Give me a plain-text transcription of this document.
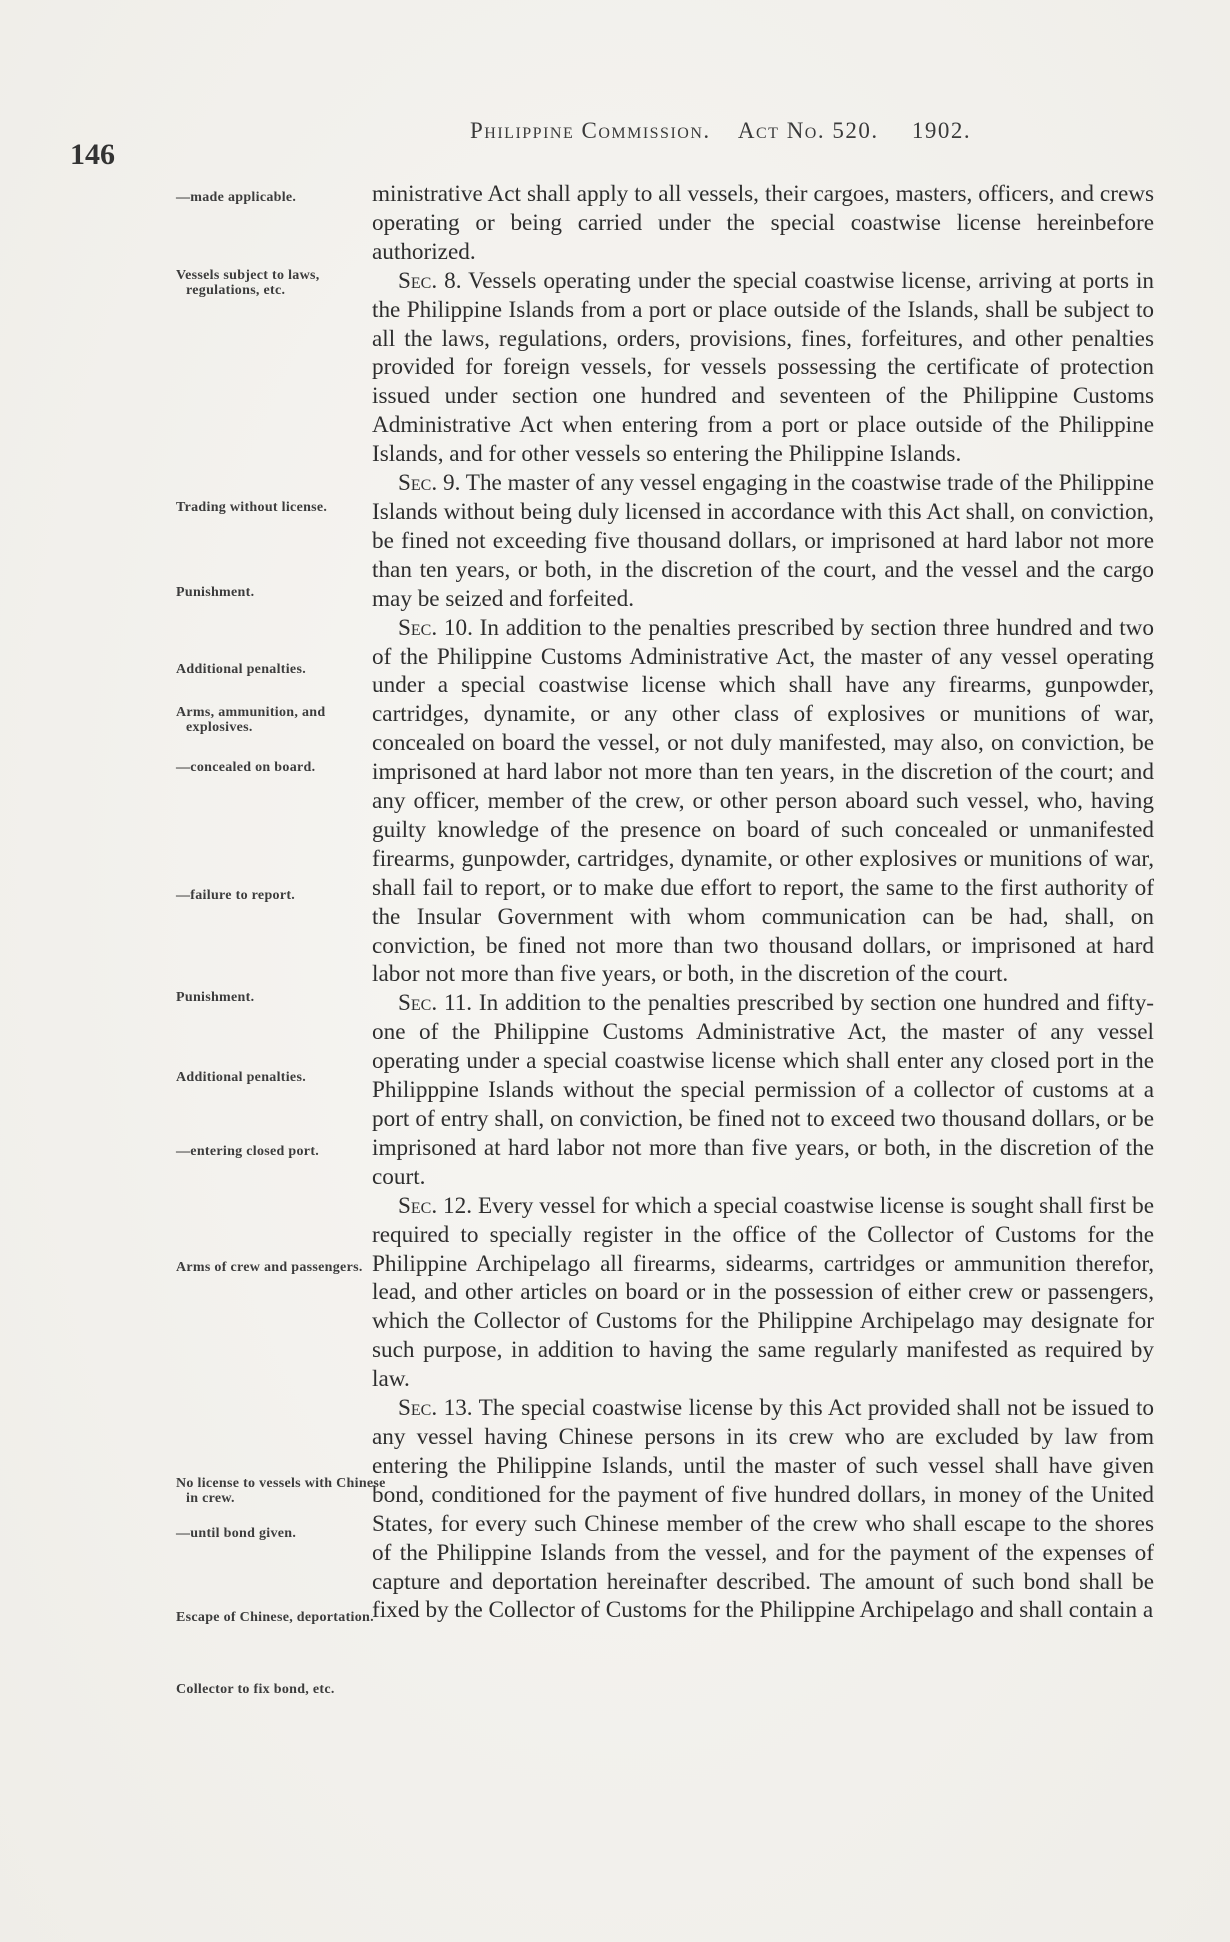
146
Philippine Commission. Act No. 520. 1902.
—made applicable.
Vessels subject to laws, regulations, etc.
Trading without license.
Punishment.
Additional penalties.
Arms, ammunition, and explosives.
—concealed on board.
—failure to report.
Punishment.
Additional penalties.
—entering closed port.
Arms of crew and passengers.
No license to vessels with Chinese in crew.
—until bond given.
Escape of Chinese, deportation.
Collector to fix bond, etc.

ministrative Act shall apply to all vessels, their cargoes, masters, officers, and crews operating or being carried under the special coastwise license hereinbefore authorized.

Sec. 8. Vessels operating under the special coastwise license, arriving at ports in the Philippine Islands from a port or place outside of the Islands, shall be subject to all the laws, regulations, orders, provisions, fines, forfeitures, and other penalties provided for foreign vessels, for vessels possessing the certificate of protection issued under section one hundred and seventeen of the Philippine Customs Administrative Act when entering from a port or place outside of the Philippine Islands, and for other vessels so entering the Philippine Islands.

Sec. 9. The master of any vessel engaging in the coastwise trade of the Philippine Islands without being duly licensed in accordance with this Act shall, on conviction, be fined not exceeding five thousand dollars, or imprisoned at hard labor not more than ten years, or both, in the discretion of the court, and the vessel and the cargo may be seized and forfeited.

Sec. 10. In addition to the penalties prescribed by section three hundred and two of the Philippine Customs Administrative Act, the master of any vessel operating under a special coastwise license which shall have any firearms, gunpowder, cartridges, dynamite, or any other class of explosives or munitions of war, concealed on board the vessel, or not duly manifested, may also, on conviction, be imprisoned at hard labor not more than ten years, in the discretion of the court; and any officer, member of the crew, or other person aboard such vessel, who, having guilty knowledge of the presence on board of such concealed or unmanifested firearms, gunpowder, cartridges, dynamite, or other explosives or munitions of war, shall fail to report, or to make due effort to report, the same to the first authority of the Insular Government with whom communication can be had, shall, on conviction, be fined not more than two thousand dollars, or imprisoned at hard labor not more than five years, or both, in the discretion of the court.

Sec. 11. In addition to the penalties prescribed by section one hundred and fifty-one of the Philippine Customs Administrative Act, the master of any vessel operating under a special coastwise license which shall enter any closed port in the Philipppine Islands without the special permission of a collector of customs at a port of entry shall, on conviction, be fined not to exceed two thousand dollars, or be imprisoned at hard labor not more than five years, or both, in the discretion of the court.

Sec. 12. Every vessel for which a special coastwise license is sought shall first be required to specially register in the office of the Collector of Customs for the Philippine Archipelago all firearms, sidearms, cartridges or ammunition therefor, lead, and other articles on board or in the possession of either crew or passengers, which the Collector of Customs for the Philippine Archipelago may designate for such purpose, in addition to having the same regularly manifested as required by law.

Sec. 13. The special coastwise license by this Act provided shall not be issued to any vessel having Chinese persons in its crew who are excluded by law from entering the Philippine Islands, until the master of such vessel shall have given bond, conditioned for the payment of five hundred dollars, in money of the United States, for every such Chinese member of the crew who shall escape to the shores of the Philippine Islands from the vessel, and for the payment of the expenses of capture and deportation hereinafter described. The amount of such bond shall be fixed by the Collector of Customs for the Philippine Archipelago and shall contain a
